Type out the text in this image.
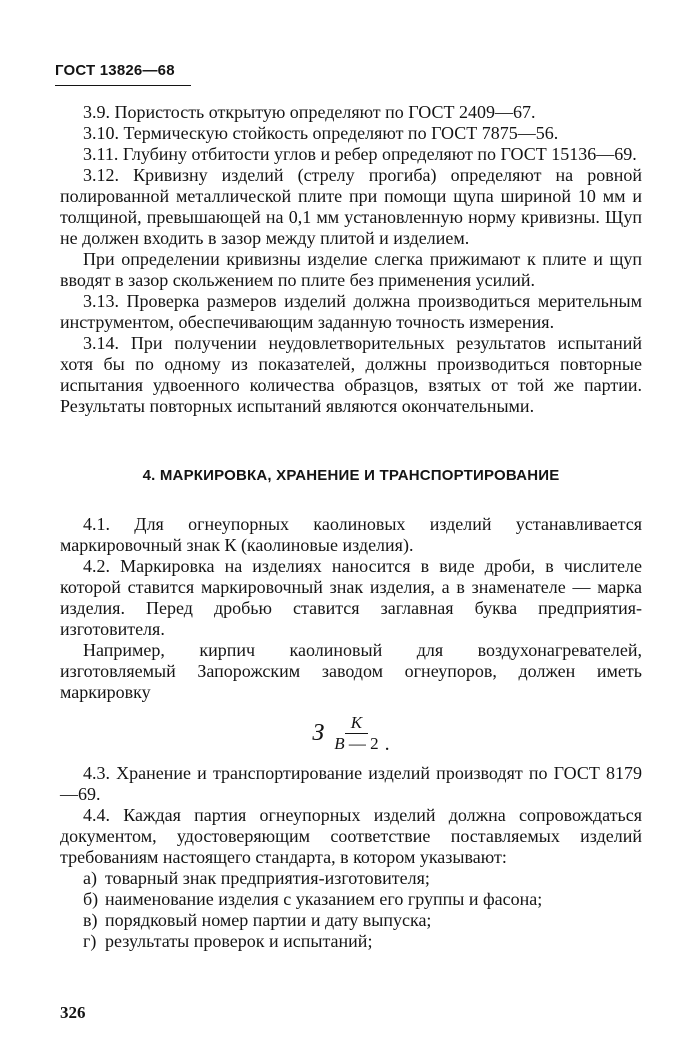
ГОСТ 13826—68

3.9. Пористость открытую определяют по ГОСТ 2409—67.

3.10. Термическую стойкость определяют по ГОСТ 7875—56.

3.11. Глубину отбитости углов и ребер определяют по ГОСТ 15136—69.

3.12. Кривизну изделий (стрелу прогиба) определяют на ровной полированной металлической плите при помощи щупа шириной 10 мм и толщиной, превышающей на 0,1 мм установленную норму кривизны. Щуп не должен входить в зазор между плитой и изделием.

При определении кривизны изделие слегка прижимают к плите и щуп вводят в зазор скольжением по плите без применения усилий.

3.13. Проверка размеров изделий должна производиться мерительным инструментом, обеспечивающим заданную точность измерения.

3.14. При получении неудовлетворительных результатов испытаний хотя бы по одному из показателей, должны производиться повторные испытания удвоенного количества образцов, взятых от той же партии. Результаты повторных испытаний являются окончательными.

4. МАРКИРОВКА, ХРАНЕНИЕ И ТРАНСПОРТИРОВАНИЕ

4.1. Для огнеупорных каолиновых изделий устанавливается маркировочный знак К (каолиновые изделия).

4.2. Маркировка на изделиях наносится в виде дроби, в числителе которой ставится маркировочный знак изделия, а в знаменателе — марка изделия. Перед дробью ставится заглавная буква предприятия-изготовителя.

Например, кирпич каолиновый для воздухонагревателей, изготовляемый Запорожским заводом огнеупоров, должен иметь маркировку

З $\frac{К}{В — 2}$ .

4.3. Хранение и транспортирование изделий производят по ГОСТ 8179—69.

4.4. Каждая партия огнеупорных изделий должна сопровождаться документом, удостоверяющим соответствие поставляемых изделий требованиям настоящего стандарта, в котором указывают:

а) товарный знак предприятия-изготовителя;
б) наименование изделия с указанием его группы и фасона;
в) порядковый номер партии и дату выпуска;
г) результаты проверок и испытаний;
326
